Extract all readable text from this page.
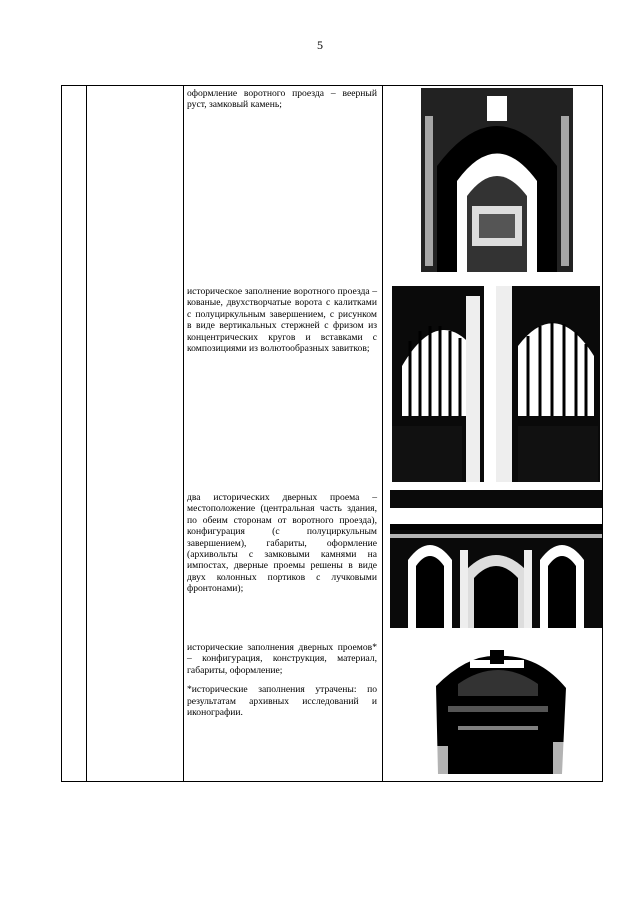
5

оформление воротного проезда – веерный руст, замковый камень;

историческое заполнение воротного проезда – кованые, двухстворчатые ворота с калитками с полуциркульным завершением, с рисунком в виде вертикальных стержней с фризом из концентрических кругов и вставками с композициями из волютообразных завитков;

два исторических дверных проема – местоположение (центральная часть здания, по обеим сторонам от воротного проезда), конфигурация (с полуциркульным завершением), габариты, оформление (архивольты с замковыми камнями на импостах, дверные проемы решены в виде двух колонных портиков с лучковыми фронтонами);

исторические заполнения дверных проемов* – конфигурация, конструкция, материал, габариты, оформление;

*исторические заполнения утрачены: по результатам архивных исследований и иконографии.
